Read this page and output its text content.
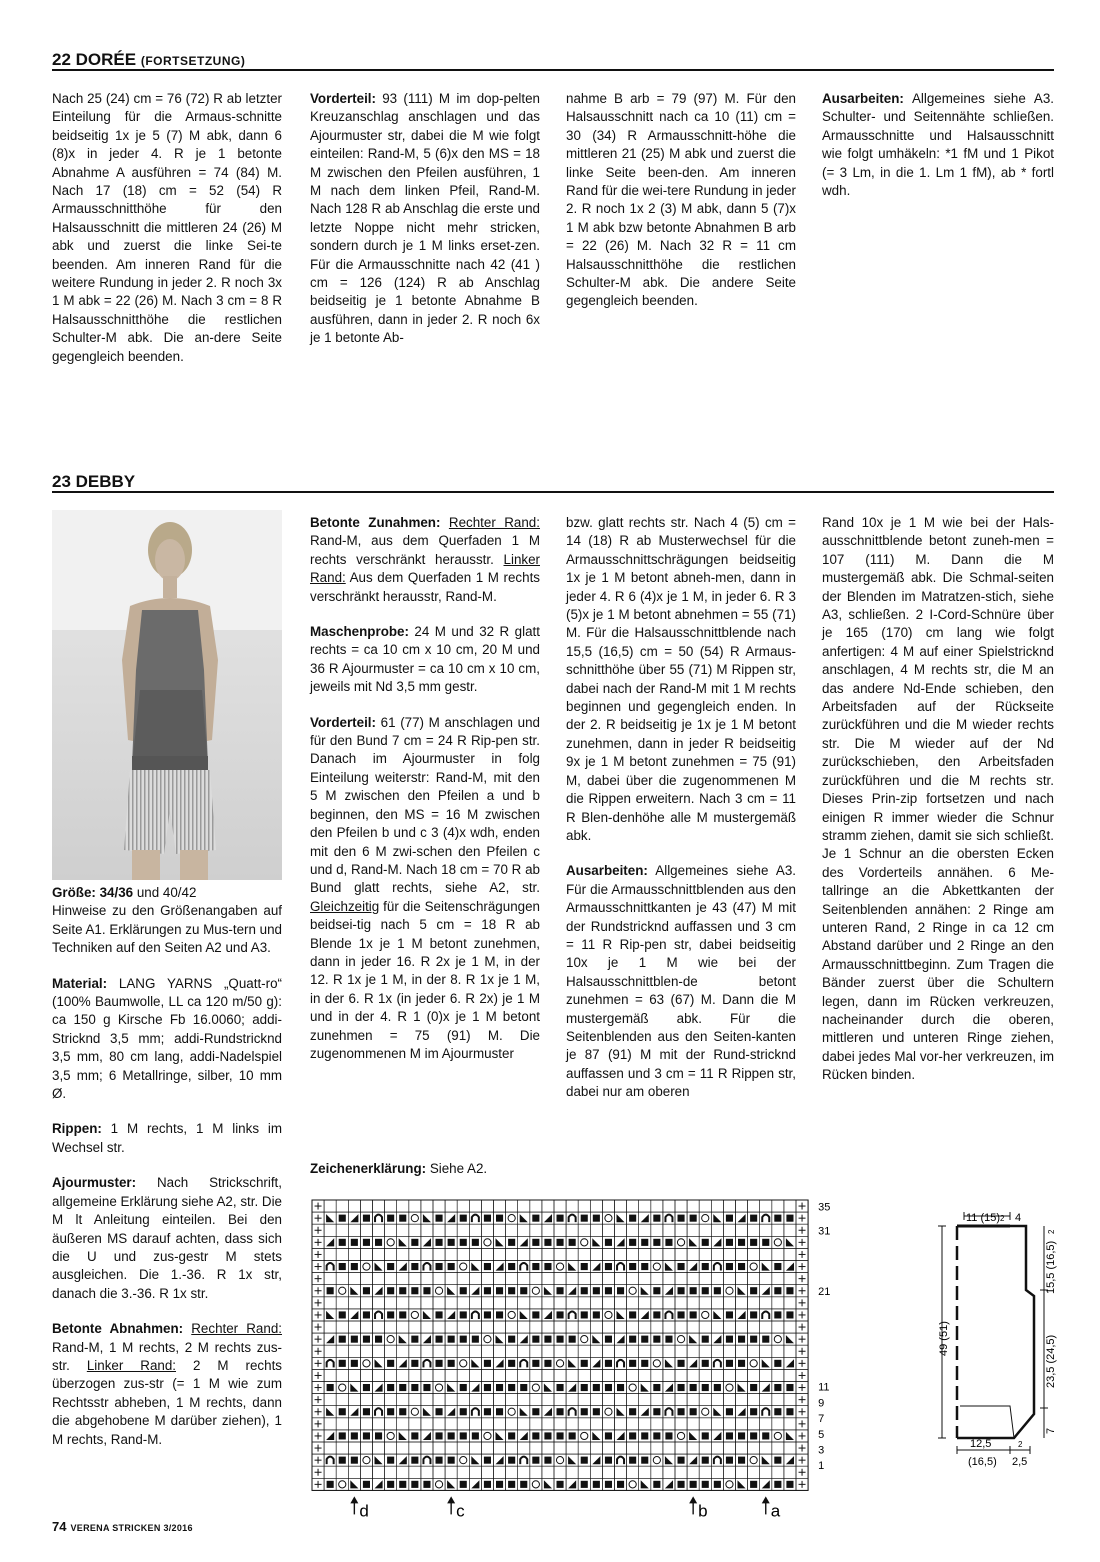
22 DORÉE (FORTSETZUNG)

Nach 25 (24) cm = 76 (72) R ab letzter Einteilung für die Armaus-schnitte beidseitig 1x je 5 (7) M abk, dann 6 (8)x in jeder 4. R je 1 betonte Abnahme A ausführen = 74 (84) M. Nach 17 (18) cm = 52 (54) R Armausschnitthöhe für den Halsausschnitt die mittleren 24 (26) M abk und zuerst die linke Sei-te beenden. Am inneren Rand für die weitere Rundung in jeder 2. R noch 3x 1 M abk = 22 (26) M. Nach 3 cm = 8 R Halsausschnitthöhe die restlichen Schulter-M abk. Die an-dere Seite gegengleich beenden.

Vorderteil: 93 (111) M im dop-pelten Kreuzanschlag anschlagen und das Ajourmuster str, dabei die M wie folgt einteilen: Rand-M, 5 (6)x den MS = 18 M zwischen den Pfeilen ausführen, 1 M nach dem linken Pfeil, Rand-M. Nach 128 R ab Anschlag die erste und letzte Noppe nicht mehr stricken, sondern durch je 1 M links erset-zen. Für die Armausschnitte nach 42 (41 ) cm = 126 (124) R ab Anschlag beidseitig je 1 betonte Abnahme B ausführen, dann in jeder 2. R noch 6x je 1 betonte Ab-

nahme B arb = 79 (97) M. Für den Halsausschnitt nach ca 10 (11) cm = 30 (34) R Armausschnitt-höhe die mittleren 21 (25) M abk und zuerst die linke Seite been-den. Am inneren Rand für die wei-tere Rundung in jeder 2. R noch 1x 2 (3) M abk, dann 5 (7)x 1 M abk bzw betonte Abnahmen B arb = 22 (26) M. Nach 32 R = 11 cm Halsausschnitthöhe die restlichen Schulter-M abk. Die andere Seite gegengleich beenden.

Ausarbeiten: Allgemeines siehe A3. Schulter- und Seitennähte schließen. Armausschnitte und Halsausschnitt wie folgt umhäkeln: *1 fM und 1 Pikot (= 3 Lm, in die 1. Lm 1 fM), ab * fortl wdh.

23 DEBBY

Größe: 34/36 und 40/42
Hinweise zu den Größenangaben auf Seite A1. Erklärungen zu Mus-tern und Techniken auf den Seiten A2 und A3.

Material: LANG YARNS „Quatt-ro“ (100% Baumwolle, LL ca 120 m/50 g): ca 150 g Kirsche Fb 16.0060; addi-Stricknd 3,5 mm; addi-Rundstricknd 3,5 mm, 80 cm lang, addi-Nadelspiel 3,5 mm; 6 Metallringe, silber, 10 mm Ø.

Rippen: 1 M rechts, 1 M links im Wechsel str.

Ajourmuster: Nach Strickschrift, allgemeine Erklärung siehe A2, str. Die M lt Anleitung einteilen. Bei den äußeren MS darauf achten, dass sich die U und zus-gestr M stets ausgleichen. Die 1.-36. R 1x str, danach die 3.-36. R 1x str.

Betonte Abnahmen: Rechter Rand: Rand-M, 1 M rechts, 2 M rechts zus-str. Linker Rand: 2 M rechts überzogen zus-str (= 1 M wie zum Rechtsstr abheben, 1 M rechts, dann die abgehobene M darüber ziehen), 1 M rechts, Rand-M.

Betonte Zunahmen: Rechter Rand: Rand-M, aus dem Querfaden 1 M rechts verschränkt herausstr. Linker Rand: Aus dem Querfaden 1 M rechts verschränkt herausstr, Rand-M.

Maschenprobe: 24 M und 32 R glatt rechts = ca 10 cm x 10 cm, 20 M und 36 R Ajourmuster = ca 10 cm x 10 cm, jeweils mit Nd 3,5 mm gestr.

Vorderteil: 61 (77) M anschlagen und für den Bund 7 cm = 24 R Rip-pen str. Danach im Ajourmuster in folg Einteilung weiterstr: Rand-M, mit den 5 M zwischen den Pfeilen a und b beginnen, den MS = 16 M zwischen den Pfeilen b und c 3 (4)x wdh, enden mit den 6 M zwi-schen den Pfeilen c und d, Rand-M. Nach 18 cm = 70 R ab Bund glatt rechts, siehe A2, str. Gleichzeitig für die Seitenschrägungen beidsei-tig nach 5 cm = 18 R ab Blende 1x je 1 M betont zunehmen, dann in jeder 16. R 2x je 1 M, in der 12. R 1x je 1 M, in der 8. R 1x je 1 M, in der 6. R 1x (in jeder 6. R 2x) je 1 M und in der 4. R 1 (0)x je 1 M betont zunehmen = 75 (91) M. Die zugenommenen M im Ajourmuster

bzw. glatt rechts str. Nach 4 (5) cm = 14 (18) R ab Musterwechsel für die Armausschnittschrägungen beidseitig 1x je 1 M betont abneh-men, dann in jeder 4. R 6 (4)x je 1 M, in jeder 6. R 3 (5)x je 1 M betont abnehmen = 55 (71) M. Für die Halsausschnittblende nach 15,5 (16,5) cm = 50 (54) R Armaus-schnitthöhe über 55 (71) M Rippen str, dabei nach der Rand-M mit 1 M rechts beginnen und gegengleich enden. In der 2. R beidseitig je 1x je 1 M betont zunehmen, dann in jeder R beidseitig 9x je 1 M betont zunehmen = 75 (91) M, dabei über die zugenommenen M die Rippen erweitern. Nach 3 cm = 11 R Blen-denhöhe alle M mustergemäß abk.

Ausarbeiten: Allgemeines siehe A3. Für die Armausschnittblenden aus den Armausschnittkanten je 43 (47) M mit der Rundstricknd auffassen und 3 cm = 11 R Rip-pen str, dabei beidseitig 10x je 1 M wie bei der Halsausschnittblen-de betont zunehmen = 63 (67) M. Dann die M mustergemäß abk. Für die Seitenblenden aus den Seiten-kanten je 87 (91) M mit der Rund-stricknd auffassen und 3 cm = 11 R Rippen str, dabei nur am oberen

Rand 10x je 1 M wie bei der Hals-ausschnittblende betont zuneh-men = 107 (111) M. Dann die M mustergemäß abk. Die Schmal-seiten der Blenden im Matratzen-stich, siehe A3, schließen. 2 I-Cord-Schnüre über je 165 (170) cm lang wie folgt anfertigen: 4 M auf einer Spielstricknd anschlagen, 4 M rechts str, die M an das andere Nd-Ende schieben, den Arbeitsfaden auf der Rückseite zurückführen und die M wieder rechts str. Die M wieder auf der Nd zurückschieben, den Arbeitsfaden zurückführen und die M rechts str. Dieses Prin-zip fortsetzen und nach einigen R immer wieder die Schnur stramm ziehen, damit sie sich schließt. Je 1 Schnur an die obersten Ecken des Vorderteils annähen. 6 Me-tallringe an die Abkettkanten der Seitenblenden annähen: 2 Ringe am unteren Rand, 2 Ringe in ca 12 cm Abstand darüber und 2 Ringe an den Armausschnittbeginn. Zum Tragen die Bänder zuerst über die Schultern legen, dann im Rücken verkreuzen, nacheinander durch die oberen, mittleren und unteren Ringe ziehen, dabei jedes Mal vor-her verkreuzen, im Rücken binden.

Zeichenerklärung: Siehe A2.
35
31
21
11
9
7
5
3
1
d	c	b	a
11 (15) 2 4
49 (51)
15,5 (16,5)
2
23,5 (24,5)
7
12,5	2
(16,5) 2,5
74 VERENA STRICKEN 3/2016
